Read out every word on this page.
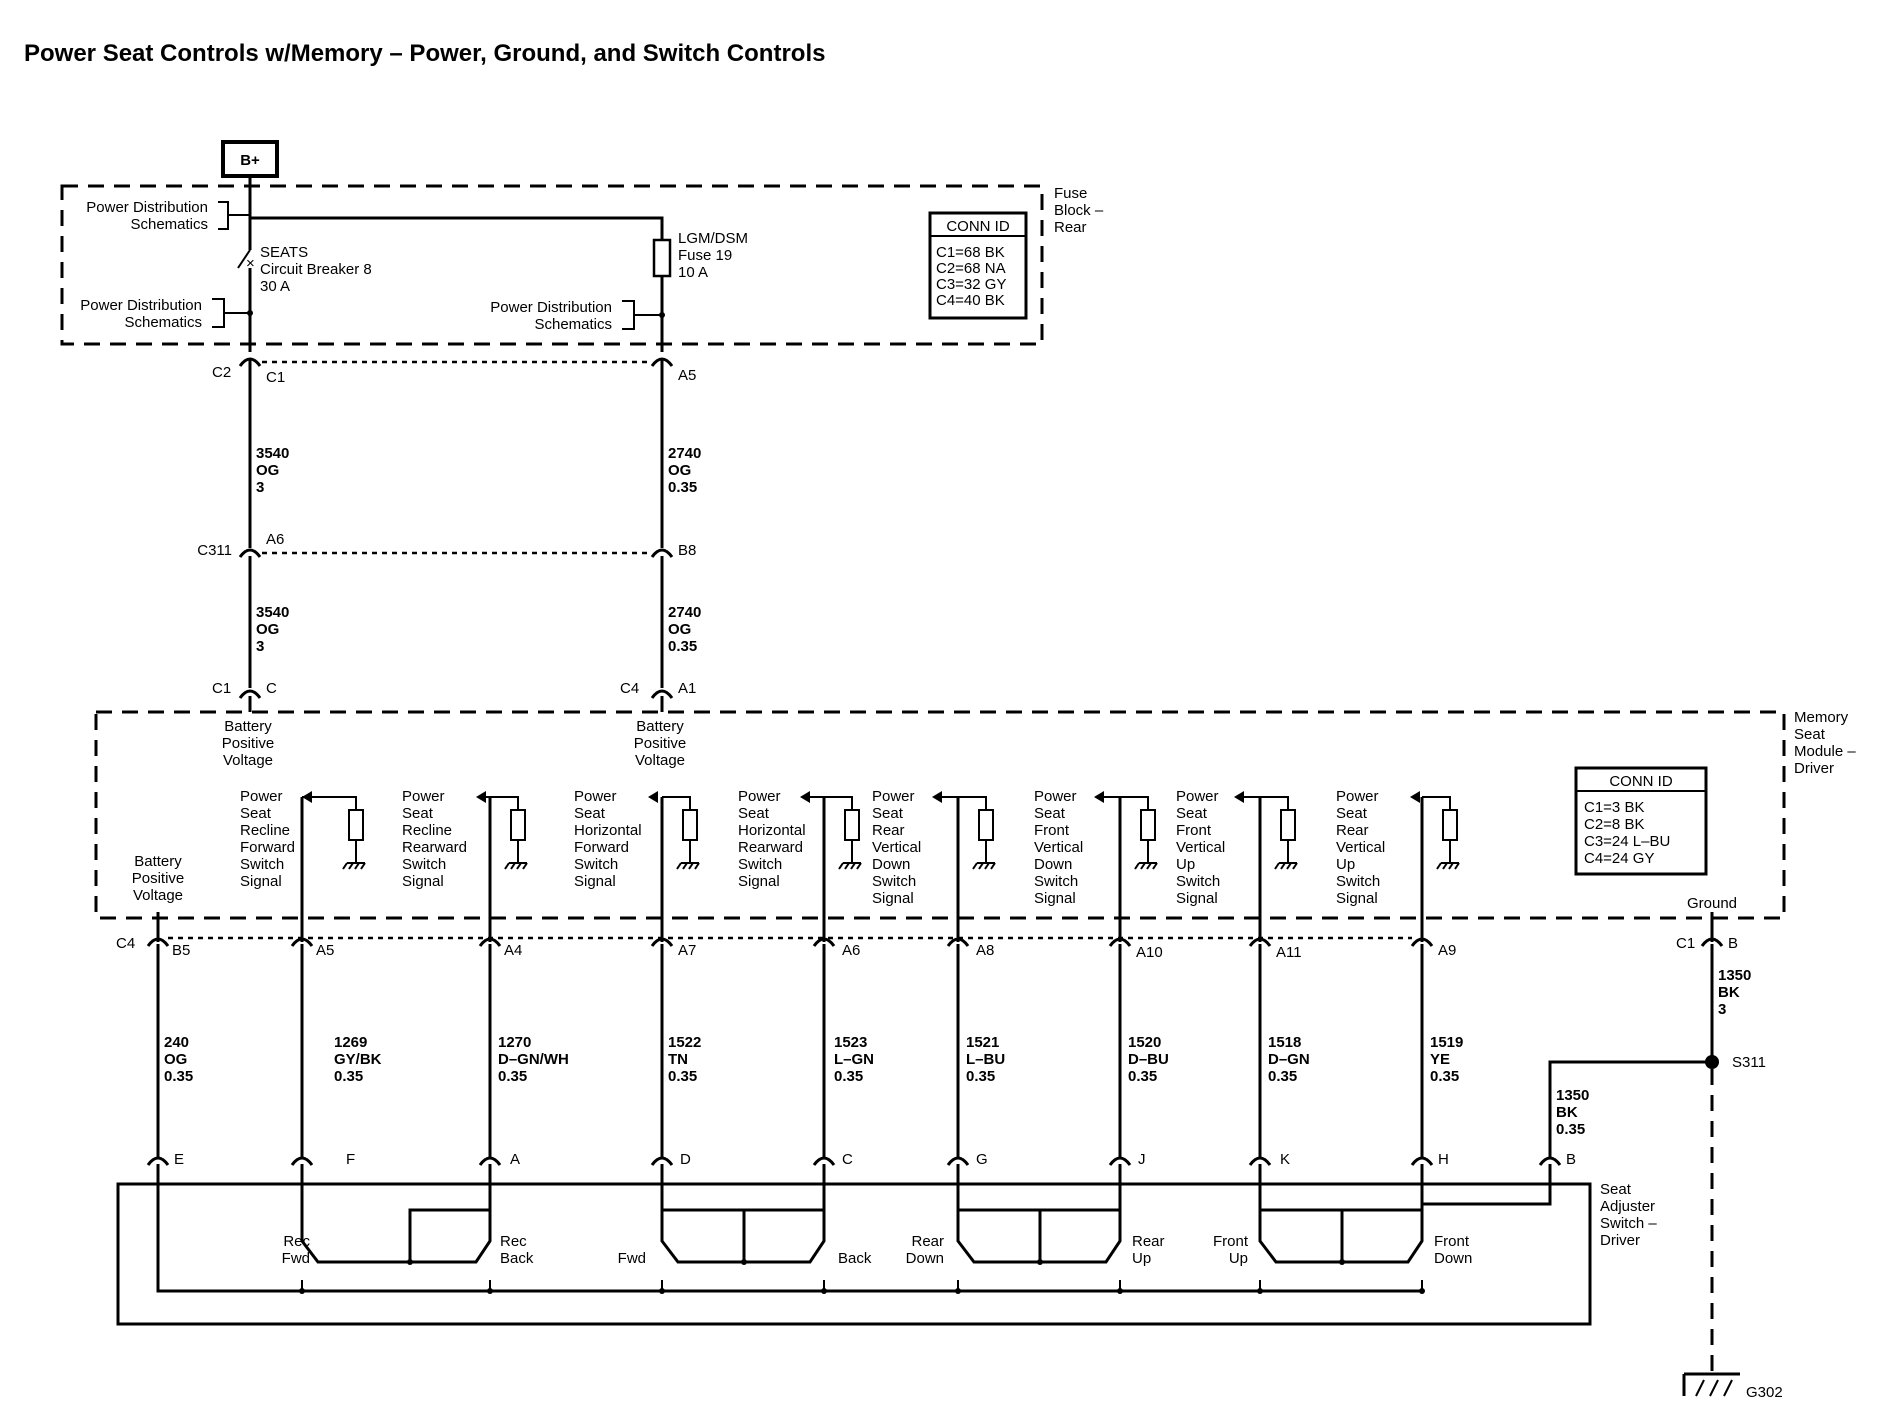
Power Seat Controls w/Memory – Power, Ground, and Switch Controls
B+
Fuse
Block –
Rear
×
SEATS
Circuit Breaker 8
30 A
LGM/DSM
Fuse 19
10 A
Power Distribution
Schematics
Power Distribution
Schematics
Power Distribution
Schematics
CONN ID
C1=68 BK
C2=68 NA
C3=32 GY
C4=40 BK
C2 C1	A5
3540
OG
3
2740
OG
0.35
C311
A6
B8
3540
OG
3
2740
OG
0.35
C1 C	C4	A1
Memory
Seat
Module –
Driver
Battery
Positive
Voltage
Battery
Positive
Voltage
Battery
Positive
Voltage
CONN ID
C1=3 BK
C2=8 BK
C3=24 L–BU
C4=24 GY
Ground
Power
Seat
Recline
Forward
Switch
Signal
Power
Seat
Recline
Rearward
Switch
Signal
Power
Seat
Horizontal
Forward
Switch
Signal
Power
Seat
Horizontal
Rearward
Switch
Signal
Power
Seat
Rear
Vertical
Down
Switch
Signal
Power
Seat
Front
Vertical
Down
Switch
Signal
Power
Seat
Front
Vertical
Up
Switch
Signal
Power
Seat
Rear
Vertical
Up
Switch
Signal
C4	C1 B
B5
240
OG
0.35
E
A5
1269
GY/BK
0.35
F
A4
1270
D–GN/WH
0.35
A
A7
1522
TN
0.35
D
A6
1523
L–GN
0.35
C
A8
1521
L–BU
0.35
G
A10
1520
D–BU
0.35
J
A11
1518
D–GN
0.35
K
A9
1519
YE
0.35
H
1350
BK
3
S311
B
1350
BK
0.35
G302
Seat
Adjuster
Switch –
Driver
Rec
Fwd
Rec
Back	Fwd	Back
Rear
Down
Rear
Up
Front
Up
Front
Down
